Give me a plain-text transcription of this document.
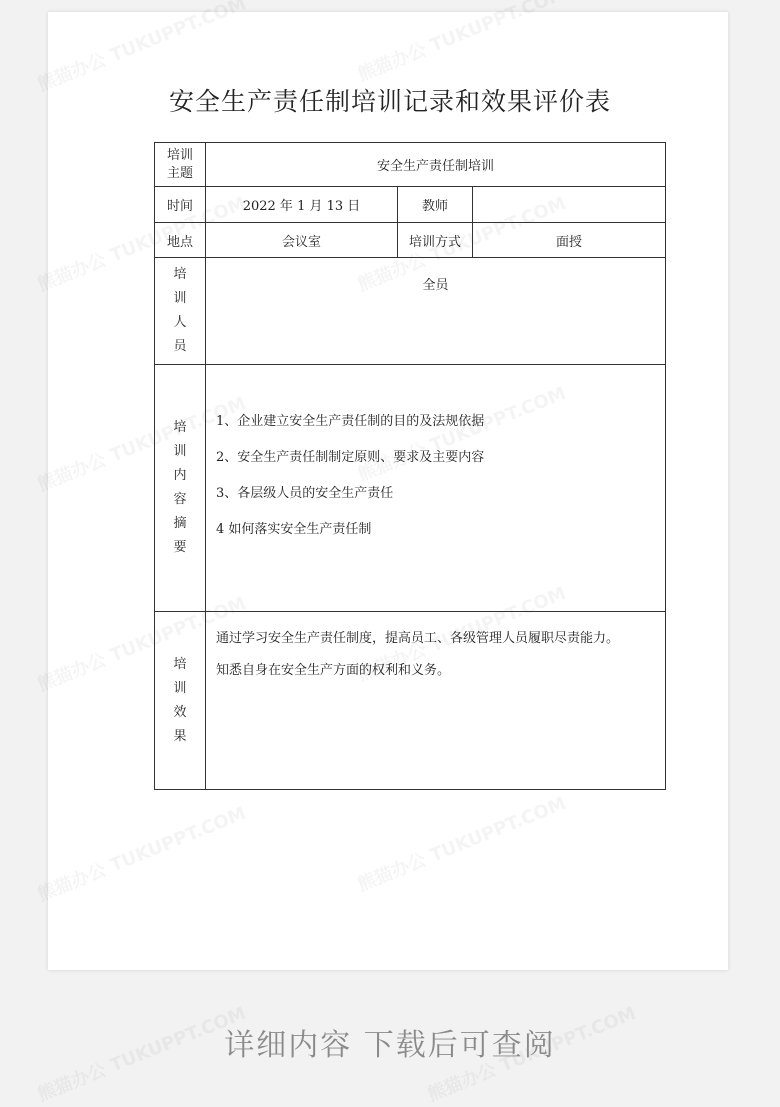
安全生产责任制培训记录和效果评价表
培训
主题	安全生产责任制培训		
时间	2022 年 1 月 13 日	教师	
地点	会议室	培训方式	面授
培训人员	全员		

培训内容摘要	1、企业建立安全生产责任制的目的及法规依据

2、安全生产责任制制定原则、要求及主要内容

3、各层级人员的安全生产责任

4 如何落实安全生产责任制		

培训效果	通过学习安全生产责任制度，提高员工、各级管理人员履职尽责能力。

知悉自身在安全生产方面的权利和义务。		

详细内容 下载后可查阅
